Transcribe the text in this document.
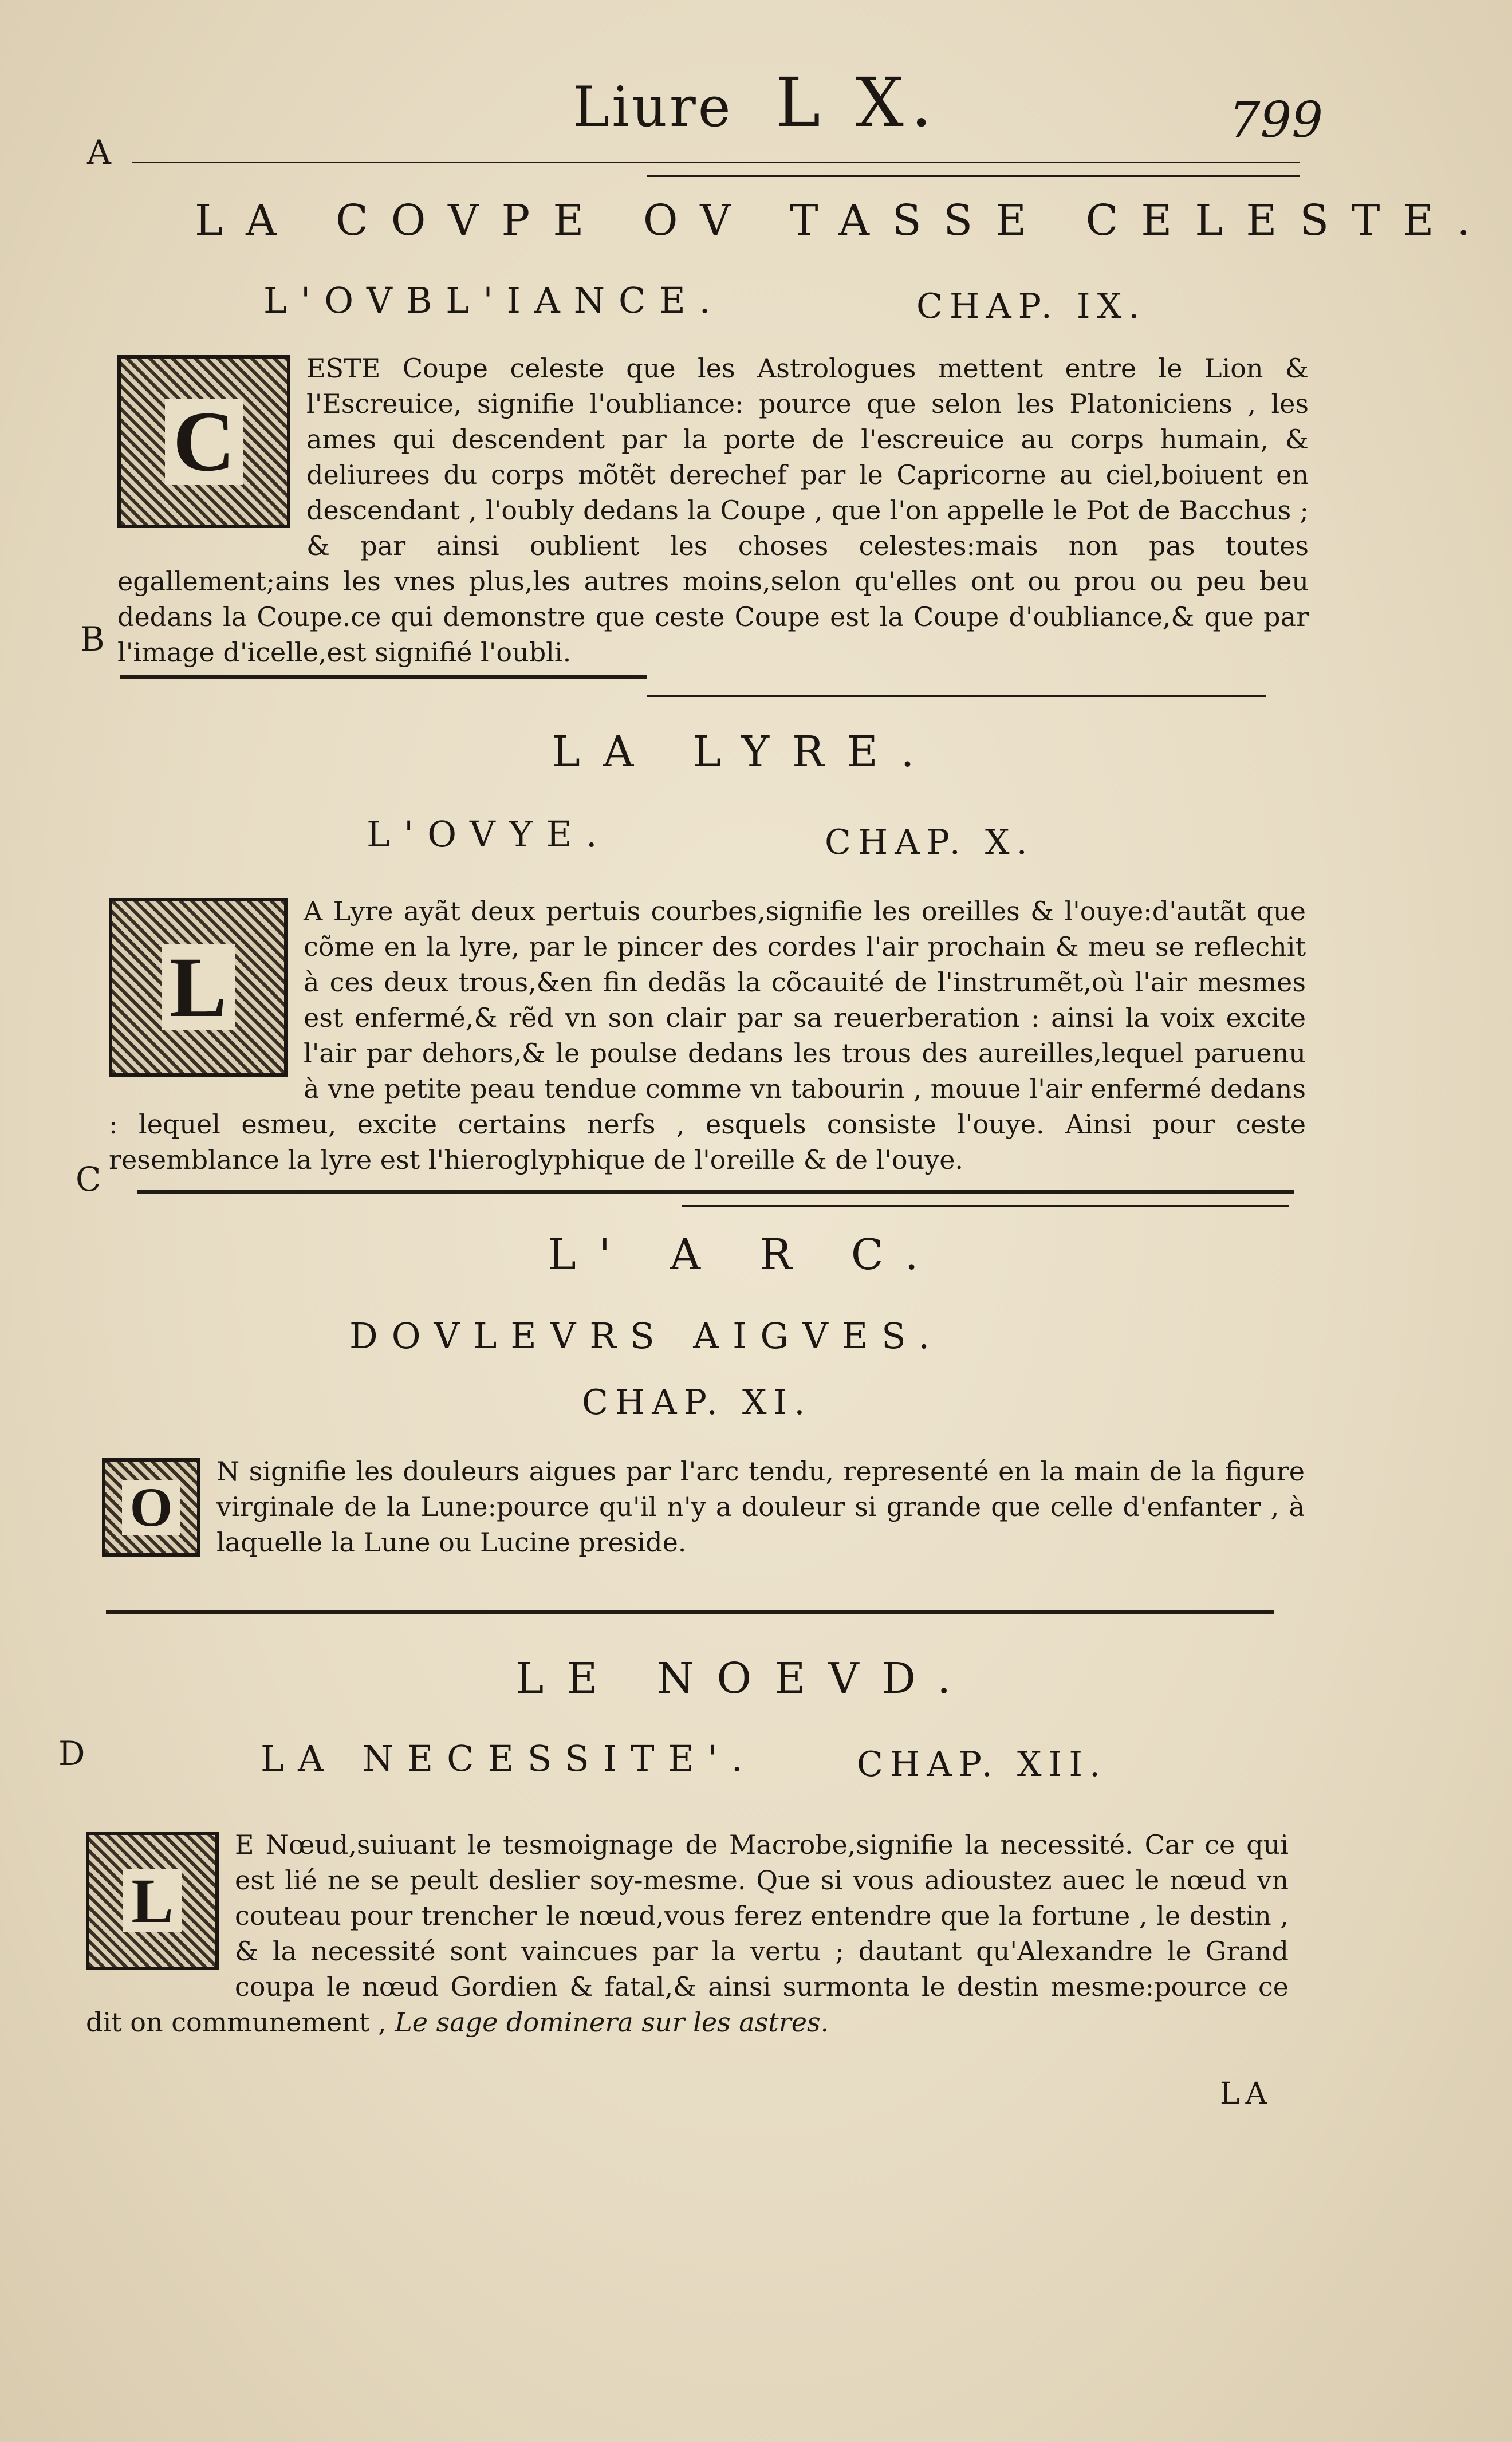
Liure L X.	799
A
B
C
D
LA COVPE OV TASSE CELESTE.
L'OVBL'IANCE.	CHAP. IX.
C
ESTE Coupe celeste que les Astrologues mettent entre le Lion & l'Escreuice, signifie l'oubliance: pource que selon les Platoniciens , les ames qui descendent par la porte de l'escreuice au corps humain, & deliurees du corps mõtẽt derechef par le Capricorne au ciel,boiuent en descendant , l'oubly dedans la Coupe , que l'on appelle le Pot de Bacchus ; & par ainsi oublient les choses celestes:mais non pas toutes egallement;ains les vnes plus,les autres moins,selon qu'elles ont ou prou ou peu beu dedans la Coupe.ce qui demonstre que ceste Coupe est la Coupe d'oubliance,& que par l'image d'icelle,est signifié l'oubli.
LA LYRE.
L'OVYE.	CHAP. X.
L
A Lyre ayãt deux pertuis courbes,signifie les oreilles & l'ouye:d'autãt que cõme en la lyre, par le pincer des cordes l'air prochain & meu se reflechit à ces deux trous,&en fin dedãs la cõcauité de l'instrumẽt,où l'air mesmes est enfermé,& rẽd vn son clair par sa reuerberation : ainsi la voix excite l'air par dehors,& le poulse dedans les trous des aureilles,lequel paruenu à vne petite peau tendue comme vn tabourin , mouue l'air enfermé dedans : lequel esmeu, excite certains nerfs , esquels consiste l'ouye. Ainsi pour ceste resemblance la lyre est l'hieroglyphique de l'oreille & de l'ouye.
L' A R C.
DOVLEVRS AIGVES.
CHAP. XI.
O
N signifie les douleurs aigues par l'arc tendu, representé en la main de la figure virginale de la Lune:pource qu'il n'y a douleur si grande que celle d'enfanter , à laquelle la Lune ou Lucine preside.
LE NOEVD.
LA NECESSITE'.	CHAP. XII.
L
E Nœud,suiuant le tesmoignage de Macrobe,signifie la necessité. Car ce qui est lié ne se peult deslier soy-mesme. Que si vous adioustez auec le nœud vn couteau pour trencher le nœud,vous ferez entendre que la fortune , le destin , & la necessité sont vaincues par la vertu ; dautant qu'Alexandre le Grand coupa le nœud Gordien & fatal,& ainsi surmonta le destin mesme:pource ce dit on communement , Le sage dominera sur les astres.
LA
